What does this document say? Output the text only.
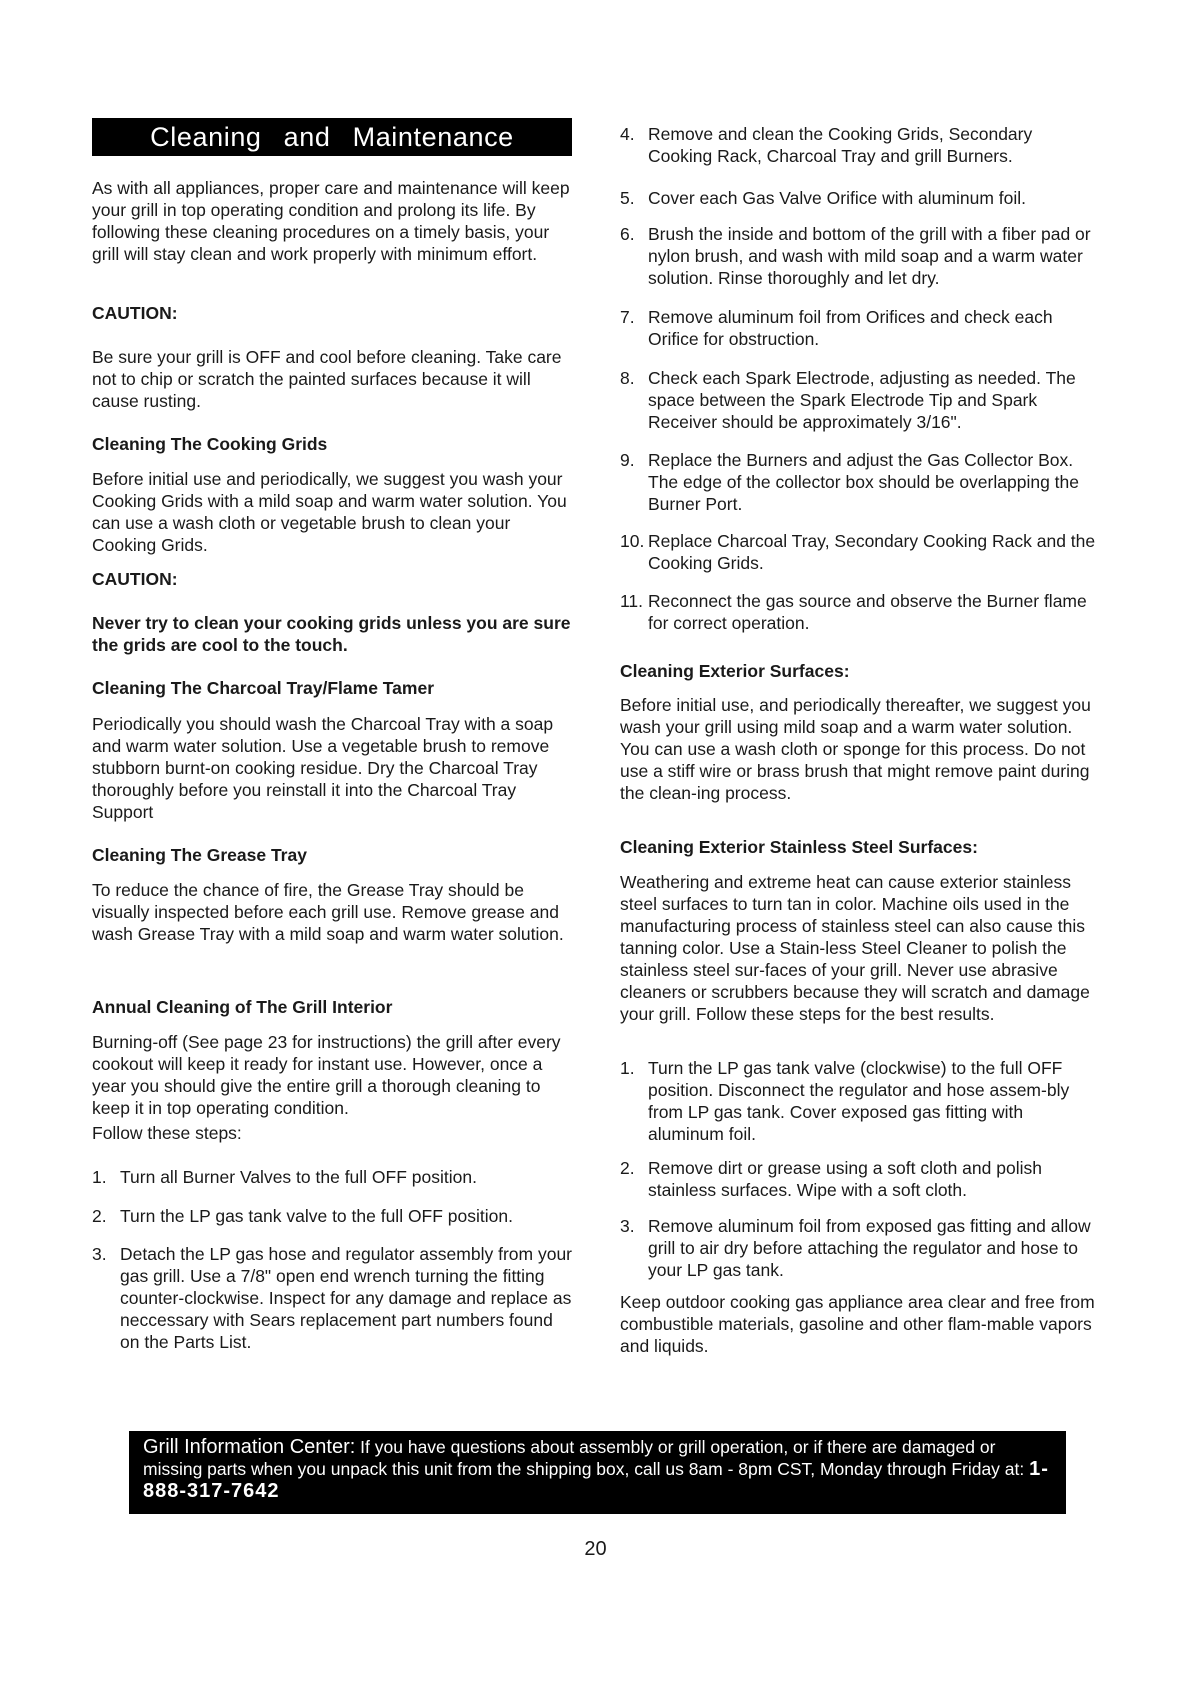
Cleaning and Maintenance

As with all appliances, proper care and maintenance will keep your grill in top operating condition and prolong its life. By following these cleaning procedures on a timely basis, your grill will stay clean and work properly with minimum effort.

CAUTION:

Be sure your grill is OFF and cool before cleaning. Take care not to chip or scratch the painted surfaces because it will cause rusting.

Cleaning The Cooking Grids

Before initial use and periodically, we suggest you wash your Cooking Grids with a mild soap and warm water solution. You can use a wash cloth or vegetable brush to clean your Cooking Grids.

CAUTION:
Never try to clean your cooking grids unless you are sure the grids are cool to the touch.
Cleaning The Charcoal Tray/Flame Tamer

Periodically you should wash the Charcoal Tray with a soap and warm water solution. Use a vegetable brush to remove stubborn burnt-on cooking residue. Dry the Charcoal Tray thoroughly before you reinstall it into the Charcoal Tray Support

Cleaning The Grease Tray

To reduce the chance of fire, the Grease Tray should be visually inspected before each grill use. Remove grease and wash Grease Tray with a mild soap and warm water solution.

Annual Cleaning of The Grill Interior

Burning-off (See page 23 for instructions) the grill after every cookout will keep it ready for instant use. However, once a year you should give the entire grill a thorough cleaning to keep it in top operating condition.

Follow these steps:

1. Turn all Burner Valves to the full OFF position.
2. Turn the LP gas tank valve to the full OFF position.
3. Detach the LP gas hose and regulator assembly from your gas grill. Use a 7/8" open end wrench turning the fitting counter-clockwise. Inspect for any damage and replace as neccessary with Sears replacement part numbers found on the Parts List.
4. Remove and clean the Cooking Grids, Secondary Cooking Rack, Charcoal Tray and grill Burners.
5. Cover each Gas Valve Orifice with aluminum foil.
6. Brush the inside and bottom of the grill with a fiber pad or nylon brush, and wash with mild soap and a warm water solution. Rinse thoroughly and let dry.
7. Remove aluminum foil from Orifices and check each Orifice for obstruction.
8. Check each Spark Electrode, adjusting as needed. The space between the Spark Electrode Tip and Spark Receiver should be approximately 3/16".
9. Replace the Burners and adjust the Gas Collector Box. The edge of the collector box should be overlapping the Burner Port.
10. Replace Charcoal Tray, Secondary Cooking Rack and the Cooking Grids.
11. Reconnect the gas source and observe the Burner flame for correct operation.
Cleaning Exterior Surfaces:

Before initial use, and periodically thereafter, we suggest you wash your grill using mild soap and a warm water solution. You can use a wash cloth or sponge for this process. Do not use a stiff wire or brass brush that might remove paint during the clean-ing process.

Cleaning Exterior Stainless Steel Surfaces:

Weathering and extreme heat can cause exterior stainless steel surfaces to turn tan in color. Machine oils used in the manufacturing process of stainless steel can also cause this tanning color. Use a Stain-less Steel Cleaner to polish the stainless steel sur-faces of your grill. Never use abrasive cleaners or scrubbers because they will scratch and damage your grill. Follow these steps for the best results.

1. Turn the LP gas tank valve (clockwise) to the full OFF position. Disconnect the regulator and hose assem-bly from LP gas tank. Cover exposed gas fitting with aluminum foil.
2. Remove dirt or grease using a soft cloth and polish stainless surfaces. Wipe with a soft cloth.
3. Remove aluminum foil from exposed gas fitting and allow grill to air dry before attaching the regulator and hose to your LP gas tank.

Keep outdoor cooking gas appliance area clear and free from combustible materials, gasoline and other flam-mable vapors and liquids.

Grill Information Center: If you have questions about assembly or grill operation, or if there are damaged or missing parts when you unpack this unit from the shipping box, call us 8am - 8pm CST, Monday through Friday at: 1-888-317-7642
20
